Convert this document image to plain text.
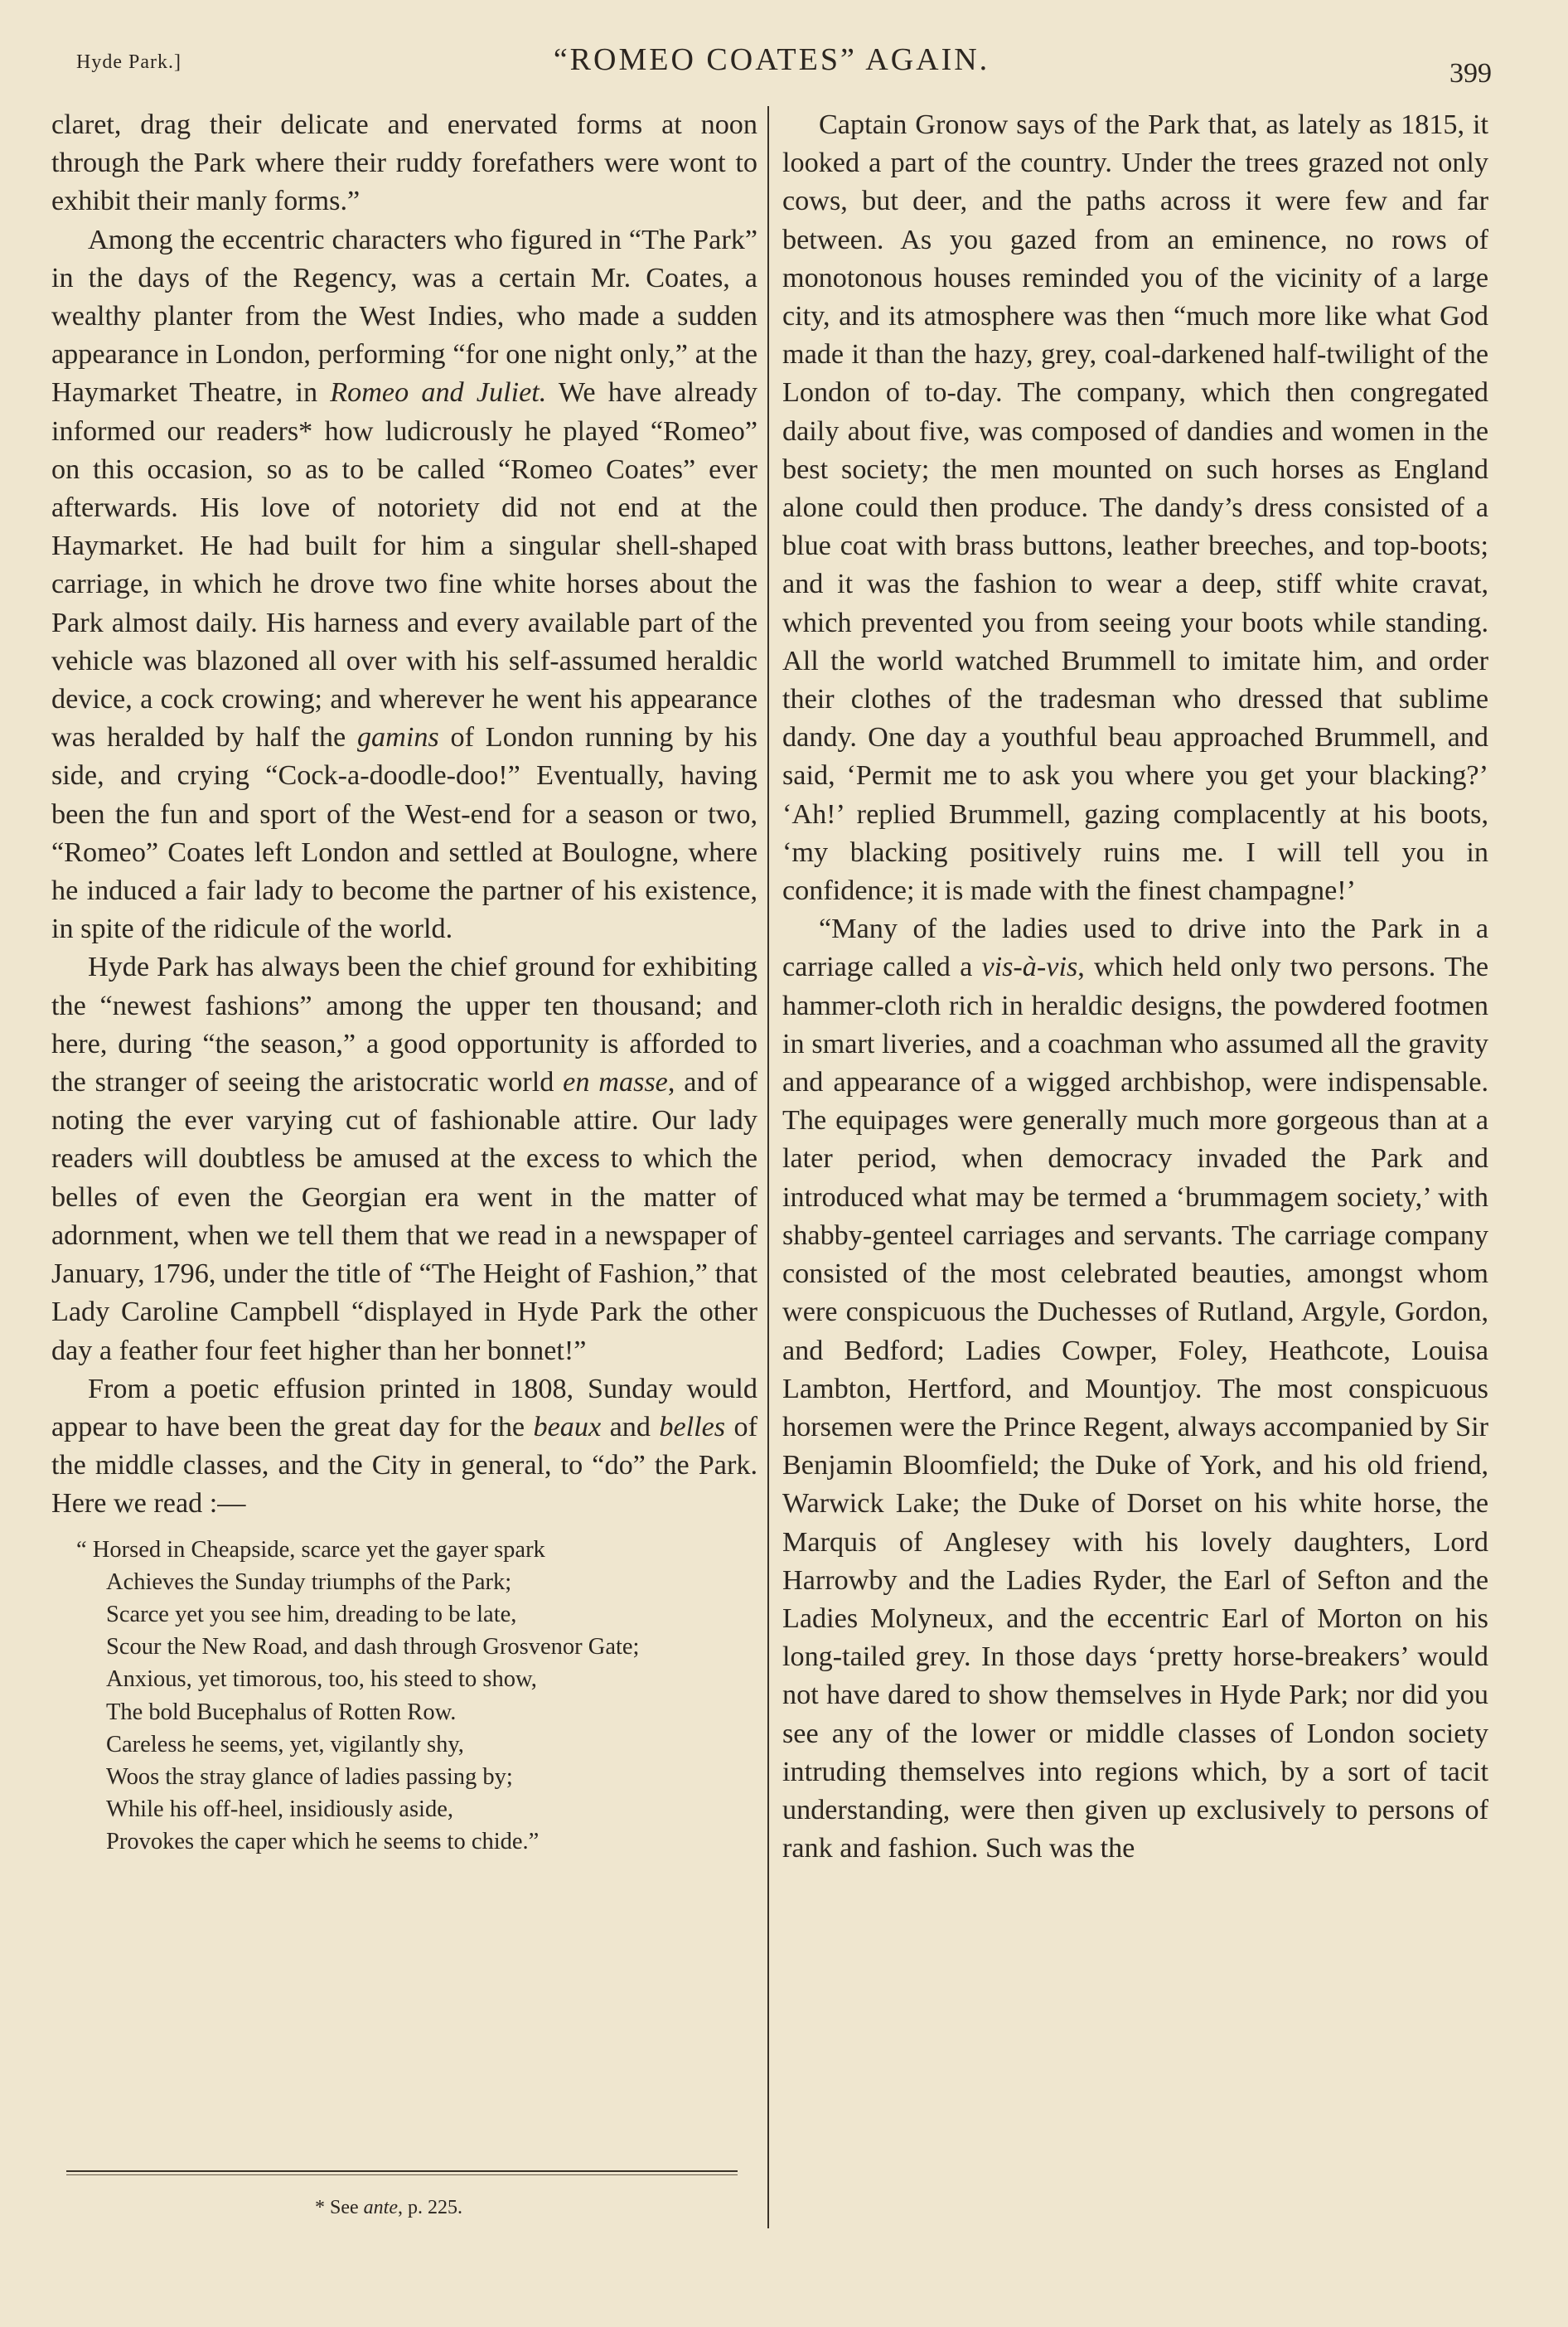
Hyde Park.]	“ROMEO COATES” AGAIN.	399

claret, drag their delicate and enervated forms at noon through the Park where their ruddy forefathers were wont to exhibit their manly forms.”

Among the eccentric characters who figured in “The Park” in the days of the Regency, was a certain Mr. Coates, a wealthy planter from the West Indies, who made a sudden appearance in London, performing “for one night only,” at the Haymarket Theatre, in Romeo and Juliet. We have already informed our readers* how ludicrously he played “Romeo” on this occasion, so as to be called “Romeo Coates” ever afterwards. His love of notoriety did not end at the Haymarket. He had built for him a singular shell-shaped carriage, in which he drove two fine white horses about the Park almost daily. His harness and every available part of the vehicle was blazoned all over with his self-assumed heraldic device, a cock crowing; and wherever he went his appearance was heralded by half the gamins of London running by his side, and crying “Cock-a-doodle-doo!” Eventually, having been the fun and sport of the West-end for a season or two, “Romeo” Coates left London and settled at Boulogne, where he induced a fair lady to become the partner of his existence, in spite of the ridicule of the world.

Hyde Park has always been the chief ground for exhibiting the “newest fashions” among the upper ten thousand; and here, during “the season,” a good opportunity is afforded to the stranger of seeing the aristocratic world en masse, and of noting the ever varying cut of fashionable attire. Our lady readers will doubtless be amused at the excess to which the belles of even the Georgian era went in the matter of adornment, when we tell them that we read in a newspaper of January, 1796, under the title of “The Height of Fashion,” that Lady Caroline Campbell “displayed in Hyde Park the other day a feather four feet higher than her bonnet!”

From a poetic effusion printed in 1808, Sunday would appear to have been the great day for the beaux and belles of the middle classes, and the City in general, to “do” the Park. Here we read :—

“ Horsed in Cheapside, scarce yet the gayer spark
Achieves the Sunday triumphs of the Park;
Scarce yet you see him, dreading to be late,
Scour the New Road, and dash through Grosvenor Gate;
Anxious, yet timorous, too, his steed to show,
The bold Bucephalus of Rotten Row.
Careless he seems, yet, vigilantly shy,
Woos the stray glance of ladies passing by;
While his off-heel, insidiously aside,
Provokes the caper which he seems to chide.”

Captain Gronow says of the Park that, as lately as 1815, it looked a part of the country. Under the trees grazed not only cows, but deer, and the paths across it were few and far between. As you gazed from an eminence, no rows of monotonous houses reminded you of the vicinity of a large city, and its atmosphere was then “much more like what God made it than the hazy, grey, coal-darkened half-twilight of the London of to-day. The company, which then congregated daily about five, was composed of dandies and women in the best society; the men mounted on such horses as England alone could then produce. The dandy’s dress consisted of a blue coat with brass buttons, leather breeches, and top-boots; and it was the fashion to wear a deep, stiff white cravat, which prevented you from seeing your boots while standing. All the world watched Brummell to imitate him, and order their clothes of the tradesman who dressed that sublime dandy. One day a youthful beau approached Brummell, and said, ‘Permit me to ask you where you get your blacking?’ ‘Ah!’ replied Brummell, gazing complacently at his boots, ‘my blacking positively ruins me. I will tell you in confidence; it is made with the finest champagne!’

“Many of the ladies used to drive into the Park in a carriage called a vis-à-vis, which held only two persons. The hammer-cloth rich in heraldic designs, the powdered footmen in smart liveries, and a coachman who assumed all the gravity and appearance of a wigged archbishop, were indispensable. The equipages were generally much more gorgeous than at a later period, when democracy invaded the Park and introduced what may be termed a ‘brummagem society,’ with shabby-genteel carriages and servants. The carriage company consisted of the most celebrated beauties, amongst whom were conspicuous the Duchesses of Rutland, Argyle, Gordon, and Bedford; Ladies Cowper, Foley, Heathcote, Louisa Lambton, Hertford, and Mountjoy. The most conspicuous horsemen were the Prince Regent, always accompanied by Sir Benjamin Bloomfield; the Duke of York, and his old friend, Warwick Lake; the Duke of Dorset on his white horse, the Marquis of Anglesey with his lovely daughters, Lord Harrowby and the Ladies Ryder, the Earl of Sefton and the Ladies Molyneux, and the eccentric Earl of Morton on his long-tailed grey. In those days ‘pretty horse-breakers’ would not have dared to show themselves in Hyde Park; nor did you see any of the lower or middle classes of London society intruding themselves into regions which, by a sort of tacit understanding, were then given up exclusively to persons of rank and fashion. Such was the

* See ante, p. 225.
